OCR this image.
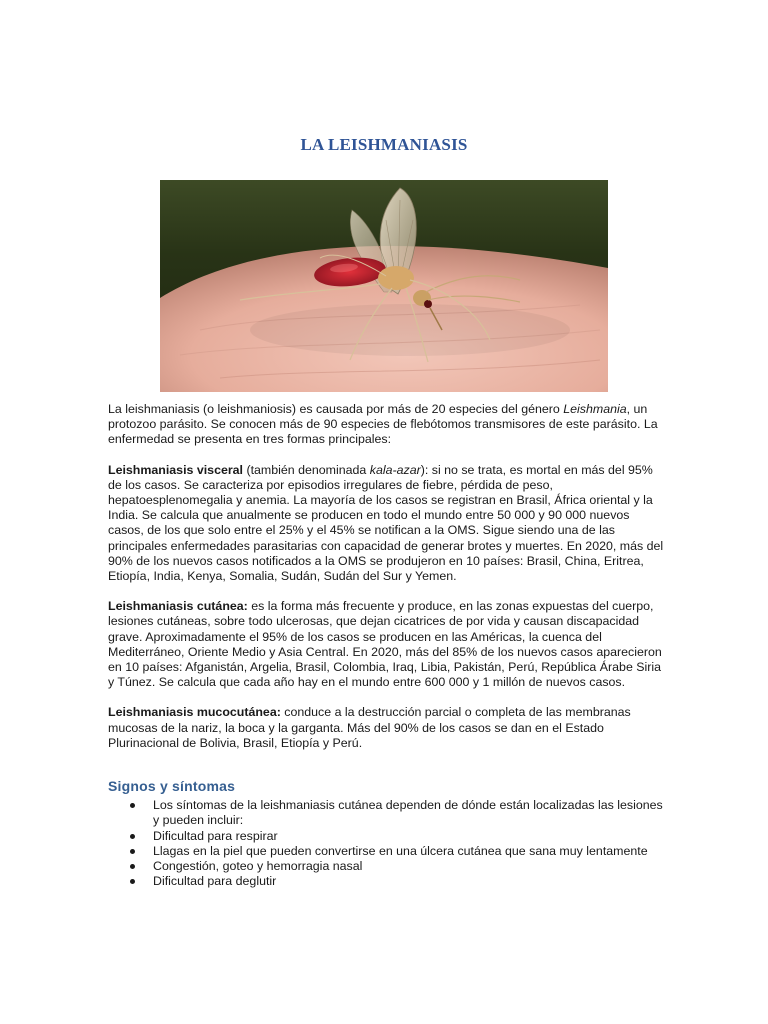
LA LEISHMANIASIS

La leishmaniasis (o leishmaniosis) es causada por más de 20 especies del género Leishmania, un protozoo parásito. Se conocen más de 90 especies de flebótomos transmisores de este parásito. La enfermedad se presenta en tres formas principales:

Leishmaniasis visceral (también denominada kala-azar): si no se trata, es mortal en más del 95% de los casos. Se caracteriza por episodios irregulares de fiebre, pérdida de peso, hepatoesplenomegalia y anemia. La mayoría de los casos se registran en Brasil, África oriental y la India. Se calcula que anualmente se producen en todo el mundo entre 50 000 y 90 000 nuevos casos, de los que solo entre el 25% y el 45% se notifican a la OMS. Sigue siendo una de las principales enfermedades parasitarias con capacidad de generar brotes y muertes. En 2020, más del 90% de los nuevos casos notificados a la OMS se produjeron en 10 países: Brasil, China, Eritrea, Etiopía, India, Kenya, Somalia, Sudán, Sudán del Sur y Yemen.

Leishmaniasis cutánea: es la forma más frecuente y produce, en las zonas expuestas del cuerpo, lesiones cutáneas, sobre todo ulcerosas, que dejan cicatrices de por vida y causan discapacidad grave. Aproximadamente el 95% de los casos se producen en las Américas, la cuenca del Mediterráneo, Oriente Medio y Asia Central. En 2020, más del 85% de los nuevos casos aparecieron en 10 países: Afganistán, Argelia, Brasil, Colombia, Iraq, Libia, Pakistán, Perú, República Árabe Siria y Túnez. Se calcula que cada año hay en el mundo entre 600 000 y 1 millón de nuevos casos.

Leishmaniasis mucocutánea: conduce a la destrucción parcial o completa de las membranas mucosas de la nariz, la boca y la garganta. Más del 90% de los casos se dan en el Estado Plurinacional de Bolivia, Brasil, Etiopía y Perú.

Signos y síntomas
Los síntomas de la leishmaniasis cutánea dependen de dónde están localizadas las lesiones y pueden incluir:
Dificultad para respirar
Llagas en la piel que pueden convertirse en una úlcera cutánea que sana muy lentamente
Congestión, goteo y hemorragia nasal
Dificultad para deglutir
